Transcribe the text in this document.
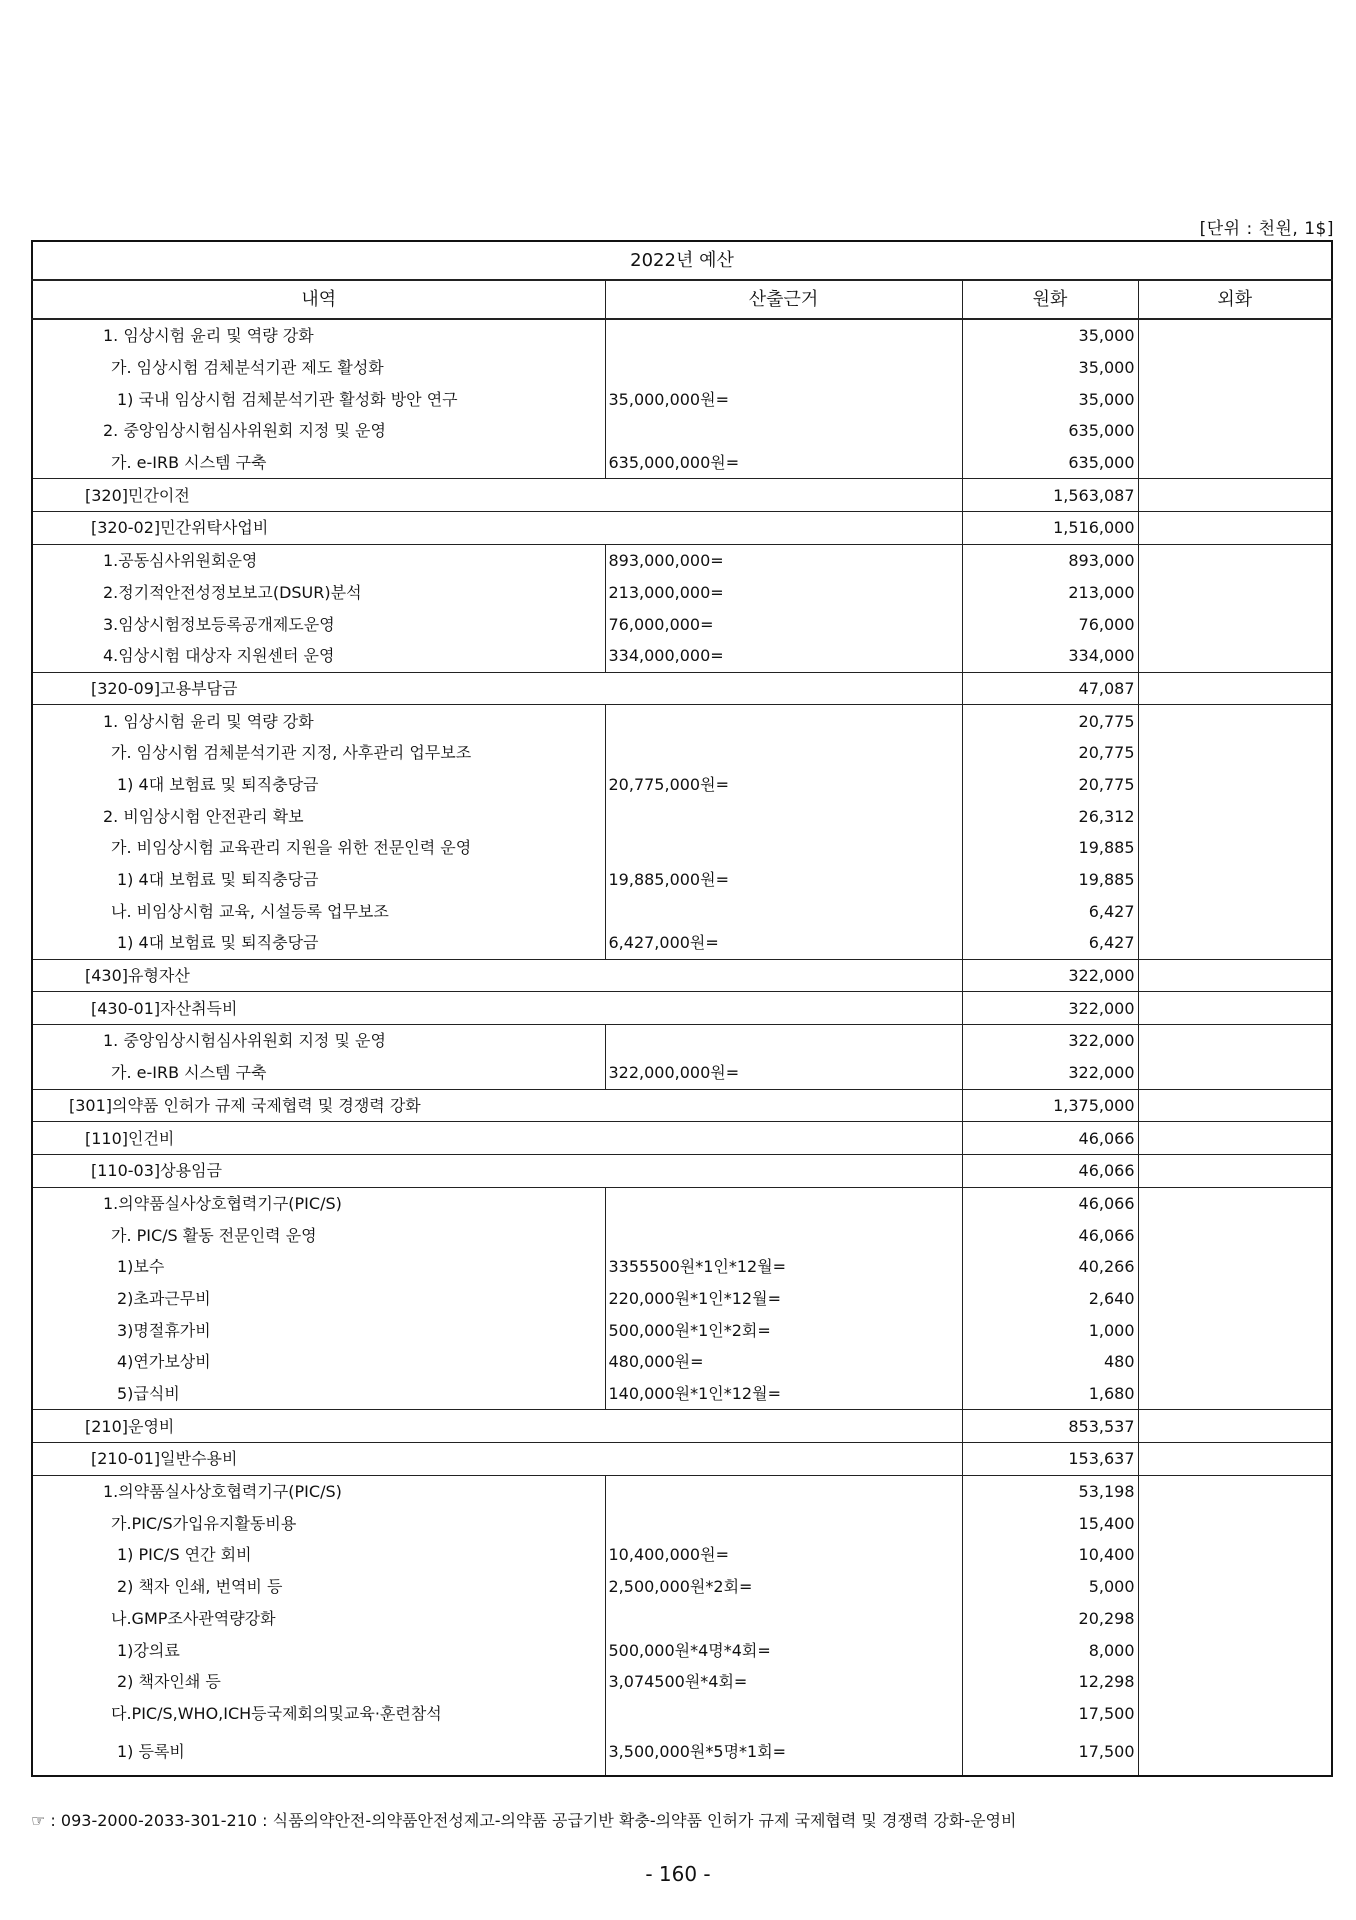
[단위 : 천원, 1$]
2022년 예산			
내역	산출근거	원화	외화
1. 임상시험 윤리 및 역량 강화		35,000	
가. 임상시험 검체분석기관 제도 활성화		35,000	
1) 국내 임상시험 검체분석기관 활성화 방안 연구	35,000,000원=	35,000	
2. 중앙임상시험심사위원회 지정 및 운영		635,000	
가. e-IRB 시스템 구축	635,000,000원=	635,000	
[320]민간이전		1,563,087	
[320-02]민간위탁사업비		1,516,000	
1.공동심사위원회운영	893,000,000=	893,000	
2.정기적안전성정보보고(DSUR)분석	213,000,000=	213,000	
3.임상시험정보등록공개제도운영	76,000,000=	76,000	
4.임상시험 대상자 지원센터 운영	334,000,000=	334,000	
[320-09]고용부담금		47,087	
1. 임상시험 윤리 및 역량 강화		20,775	
가. 임상시험 검체분석기관 지정, 사후관리 업무보조		20,775	
1) 4대 보험료 및 퇴직충당금	20,775,000원=	20,775	
2. 비임상시험 안전관리 확보		26,312	
가. 비임상시험 교육관리 지원을 위한 전문인력 운영		19,885	
1) 4대 보험료 및 퇴직충당금	19,885,000원=	19,885	
나. 비임상시험 교육, 시설등록 업무보조		6,427	
1) 4대 보험료 및 퇴직충당금	6,427,000원=	6,427	
[430]유형자산		322,000	
[430-01]자산취득비		322,000	
1. 중앙임상시험심사위원회 지정 및 운영		322,000	
가. e-IRB 시스템 구축	322,000,000원=	322,000	
[301]의약품 인허가 규제 국제협력 및 경쟁력 강화		1,375,000	
[110]인건비		46,066	
[110-03]상용임금		46,066	
1.의약품실사상호협력기구(PIC/S)		46,066	
가. PIC/S 활동 전문인력 운영		46,066	
1)보수	3355500원*1인*12월=	40,266	
2)초과근무비	220,000원*1인*12월=	2,640	
3)명절휴가비	500,000원*1인*2회=	1,000	
4)연가보상비	480,000원=	480	
5)급식비	140,000원*1인*12월=	1,680	
[210]운영비		853,537	
[210-01]일반수용비		153,637	
1.의약품실사상호협력기구(PIC/S)		53,198	
가.PIC/S가입유지활동비용		15,400	
1) PIC/S 연간 회비	10,400,000원=	10,400	
2) 책자 인쇄, 번역비 등	2,500,000원*2회=	5,000	
나.GMP조사관역량강화		20,298	
1)강의료	500,000원*4명*4회=	8,000	
2) 책자인쇄 등	3,074500원*4회=	12,298	
다.PIC/S,WHO,ICH등국제회의및교육·훈련참석		17,500	
1) 등록비	3,500,000원*5명*1회=	17,500	
☞ : 093-2000-2033-301-210 : 식품의약안전-의약품안전성제고-의약품 공급기반 확충-의약품 인허가 규제 국제협력 및 경쟁력 강화-운영비
- 160 -
